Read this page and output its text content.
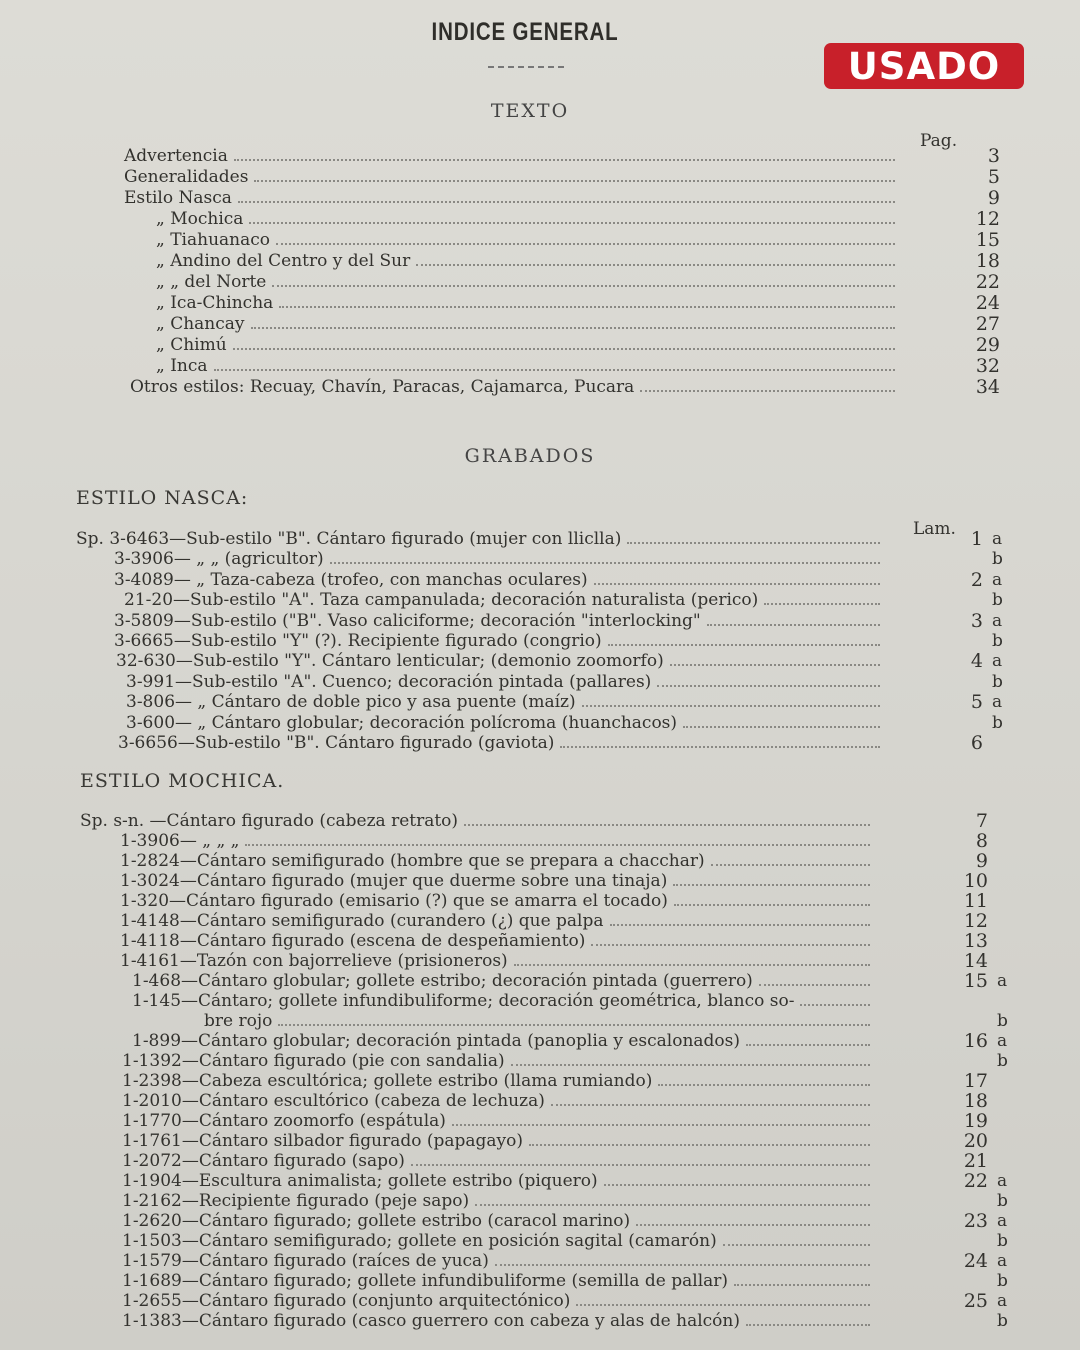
USADO
INDICE GENERAL
TEXTO
Pag.
Advertencia	3
Generalidades	5
Estilo Nasca	9
„ Mochica	12
„ Tiahuanaco	15
„ Andino del Centro y del Sur	18
„ „ del Norte	22
„ Ica-Chincha	24
„ Chancay	27
„ Chimú	29
„ Inca	32
Otros estilos: Recuay, Chavín, Paracas, Cajamarca, Pucara	34
GRABADOS
ESTILO NASCA:
Lam.
Sp. 3-6463—Sub-estilo "B". Cántaro figurado (mujer con lliclla)	1 a
3-3906— „ „ (agricultor)	b
3-4089— „ Taza-cabeza (trofeo, con manchas oculares)	2 a
21-20—Sub-estilo "A". Taza campanulada; decoración naturalista (perico)	b
3-5809—Sub-estilo ("B". Vaso caliciforme; decoración "interlocking"	3 a
3-6665—Sub-estilo "Y" (?). Recipiente figurado (congrio)	b
32-630—Sub-estilo "Y". Cántaro lenticular; (demonio zoomorfo)	4 a
3-991—Sub-estilo "A". Cuenco; decoración pintada (pallares)	b
3-806— „ Cántaro de doble pico y asa puente (maíz)	5 a
3-600— „ Cántaro globular; decoración polícroma (huanchacos)	b
3-6656—Sub-estilo "B". Cántaro figurado (gaviota)	6
ESTILO MOCHICA.
Sp. s-n. —Cántaro figurado (cabeza retrato)	7
1-3906— „ „ „	8
1-2824—Cántaro semifigurado (hombre que se prepara a chacchar)	9
1-3024—Cántaro figurado (mujer que duerme sobre una tinaja)	10
1-320—Cántaro figurado (emisario (?) que se amarra el tocado)	11
1-4148—Cántaro semifigurado (curandero (¿) que palpa	12
1-4118—Cántaro figurado (escena de despeñamiento)	13
1-4161—Tazón con bajorrelieve (prisioneros)	14
1-468—Cántaro globular; gollete estribo; decoración pintada (guerrero)	15 a
1-145—Cántaro; gollete infundibuliforme; decoración geométrica, blanco so-
bre rojo	b
1-899—Cántaro globular; decoración pintada (panoplia y escalonados)	16 a
1-1392—Cántaro figurado (pie con sandalia)	b
1-2398—Cabeza escultórica; gollete estribo (llama rumiando)	17
1-2010—Cántaro escultórico (cabeza de lechuza)	18
1-1770—Cántaro zoomorfo (espátula)	19
1-1761—Cántaro silbador figurado (papagayo)	20
1-2072—Cántaro figurado (sapo)	21
1-1904—Escultura animalista; gollete estribo (piquero)	22 a
1-2162—Recipiente figurado (peje sapo)	b
1-2620—Cántaro figurado; gollete estribo (caracol marino)	23 a
1-1503—Cántaro semifigurado; gollete en posición sagital (camarón)	b
1-1579—Cántaro figurado (raíces de yuca)	24 a
1-1689—Cántaro figurado; gollete infundibuliforme (semilla de pallar)	b
1-2655—Cántaro figurado (conjunto arquitectónico)	25 a
1-1383—Cántaro figurado (casco guerrero con cabeza y alas de halcón)	b
